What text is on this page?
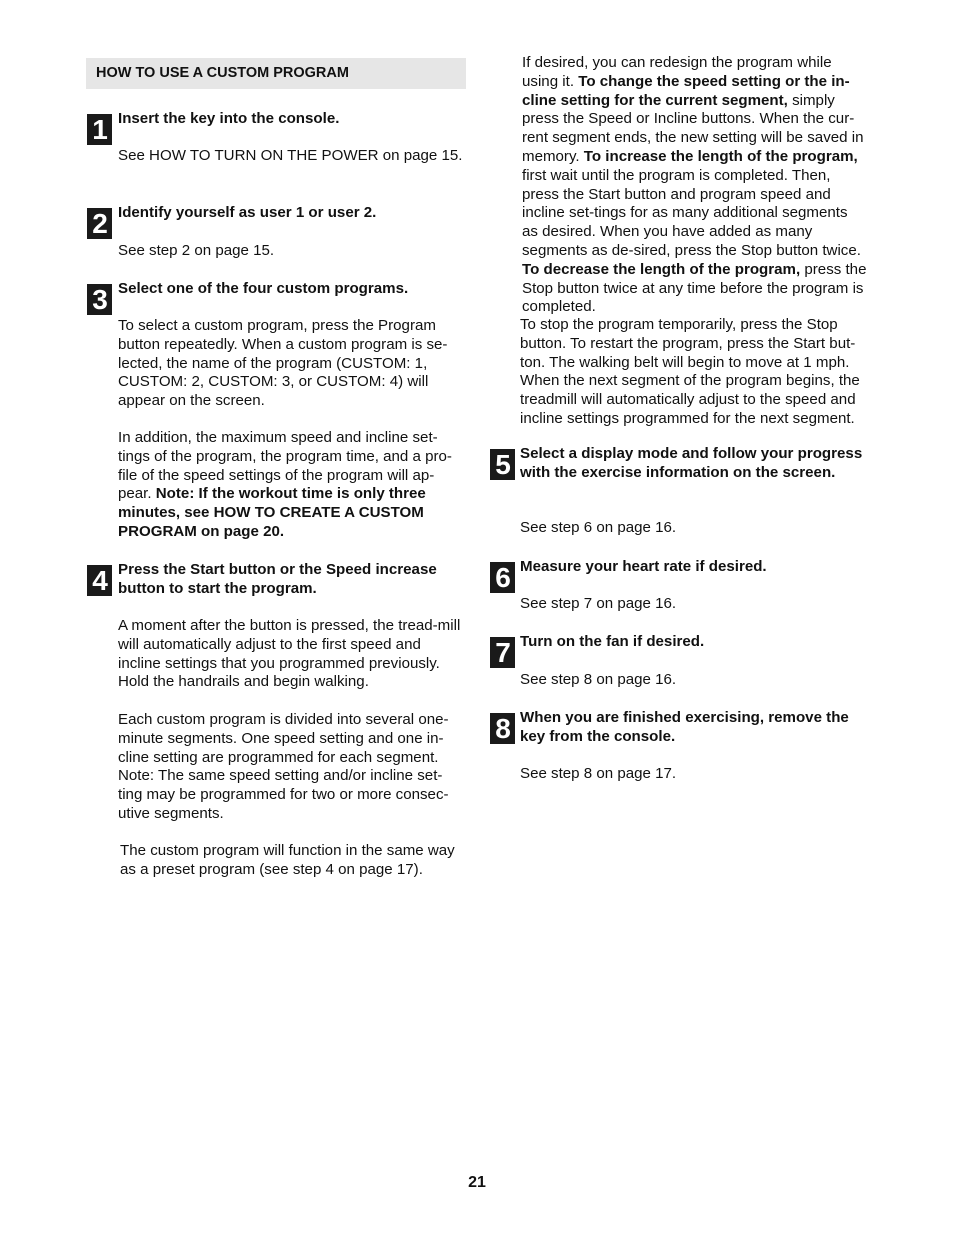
HOW TO USE A CUSTOM PROGRAM
1 Insert the key into the console.
See HOW TO TURN ON THE POWER on page 15.
2 Identify yourself as user 1 or user 2.
See step 2 on page 15.
3 Select one of the four custom programs.
To select a custom program, press the Program button repeatedly. When a custom program is se-lected, the name of the program (CUSTOM: 1, CUSTOM: 2, CUSTOM: 3, or CUSTOM: 4) will appear on the screen.
In addition, the maximum speed and incline set-tings of the program, the program time, and a pro-file of the speed settings of the program will ap-pear. Note: If the workout time is only three minutes, see HOW TO CREATE A CUSTOM PROGRAM on page 20.
4 Press the Start button or the Speed increase button to start the program.
A moment after the button is pressed, the tread-mill will automatically adjust to the first speed and incline settings that you programmed previously. Hold the handrails and begin walking.
Each custom program is divided into several one-minute segments. One speed setting and one in-cline setting are programmed for each segment. Note: The same speed setting and/or incline set-ting may be programmed for two or more consec-utive segments.
The custom program will function in the same way as a preset program (see step 4 on page 17).
If desired, you can redesign the program while using it. To change the speed setting or the in-cline setting for the current segment, simply press the Speed or Incline buttons. When the cur-rent segment ends, the new setting will be saved in memory. To increase the length of the program, first wait until the program is completed. Then, press the Start button and program speed and incline set-tings for as many additional segments as desired. When you have added as many segments as de-sired, press the Stop button twice. To decrease the length of the program, press the Stop button twice at any time before the program is completed.
To stop the program temporarily, press the Stop button. To restart the program, press the Start but-ton. The walking belt will begin to move at 1 mph. When the next segment of the program begins, the treadmill will automatically adjust to the speed and incline settings programmed for the next segment.
5 Select a display mode and follow your progress with the exercise information on the screen.
See step 6 on page 16.
6 Measure your heart rate if desired.
See step 7 on page 16.
7 Turn on the fan if desired.
See step 8 on page 16.
8 When you are finished exercising, remove the key from the console.
See step 8 on page 17.
21
